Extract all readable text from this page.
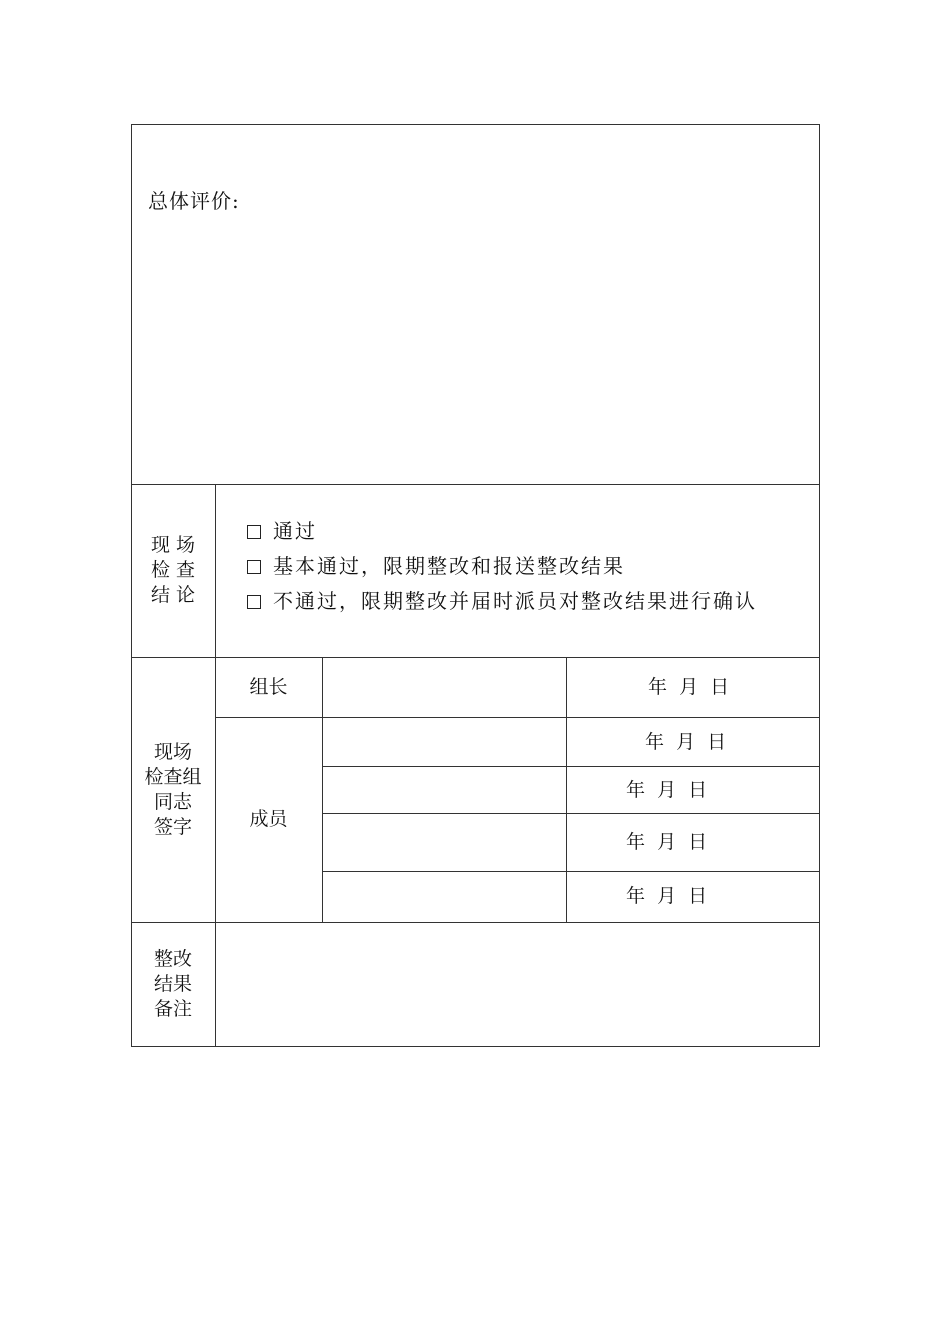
总体评价:
现 场
检 查
结 论
通过
基本通过，限期整改和报送整改结果
不通过，限期整改并届时派员对整改结果进行确认
现场
检查组
同志
签字
组长
成员
年  月  日
年  月  日
年  月  日
年  月  日
年  月  日
整改
结果
备注
